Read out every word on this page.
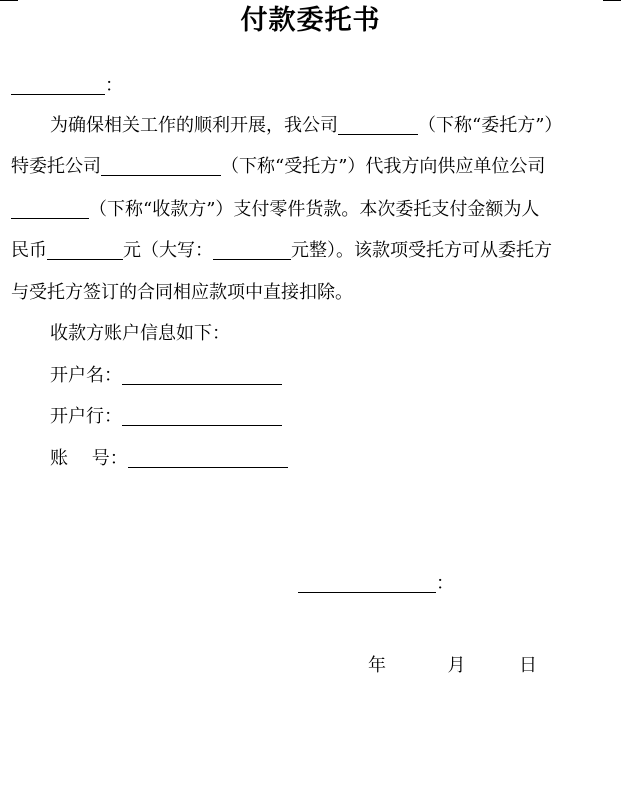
付款委托书
：
为确保相关工作的顺利开展，我公司	（下称“委托方”）
特委托公司	（下称“受托方”）代我方向供应单位公司
（下称“收款方”）支付零件货款。本次委托支付金额为人
民币	元（大写：	元整）。该款项受托方可从委托方
与受托方签订的合同相应款项中直接扣除。
收款方账户信息如下：
开户名：
开户行：
账　 号：
：
年	月	日
